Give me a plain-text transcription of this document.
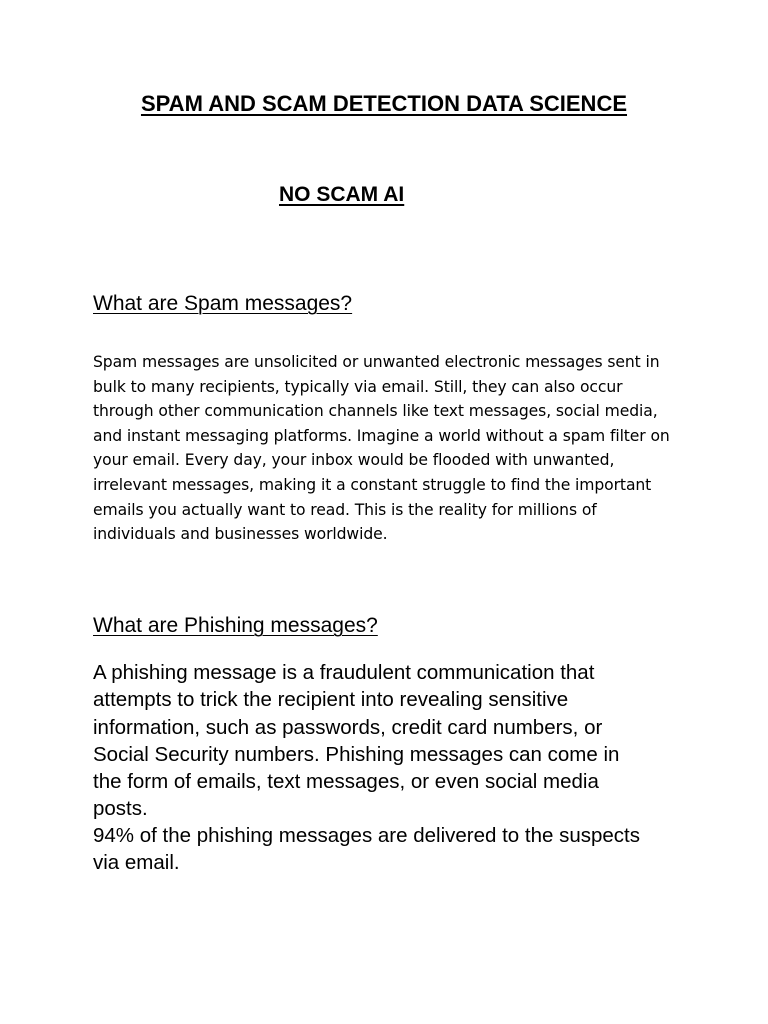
SPAM AND SCAM DETECTION DATA SCIENCE
NO SCAM AI
What are Spam messages?

Spam messages are unsolicited or unwanted electronic messages sent in bulk to many recipients, typically via email. Still, they can also occur through other communication channels like text messages, social media, and instant messaging platforms. Imagine a world without a spam filter on your email. Every day, your inbox would be flooded with unwanted, irrelevant messages, making it a constant struggle to find the important emails you actually want to read. This is the reality for millions of individuals and businesses worldwide.

What are Phishing messages?

A phishing message is a fraudulent communication that attempts to trick the recipient into revealing sensitive information, such as passwords, credit card numbers, or Social Security numbers. Phishing messages can come in the form of emails, text messages, or even social media posts.

94% of the phishing messages are delivered to the suspects via email.
